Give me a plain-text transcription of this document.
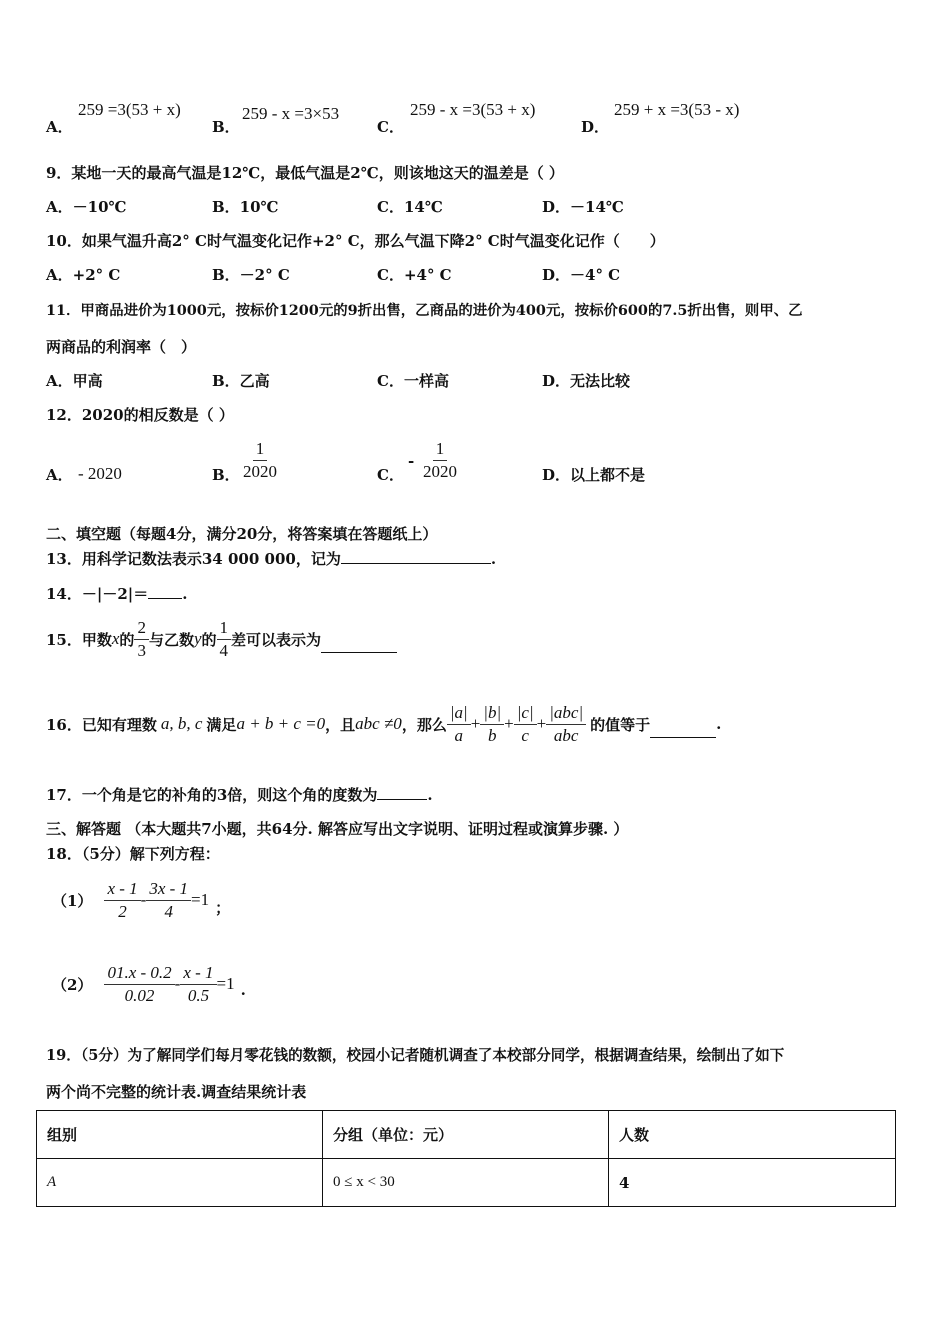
A．
259 =3(53 + x)
B．
259 - x =3×53
C．
259 - x =3(53 + x)
D．
259 + x =3(53 - x)
9．某地一天的最高气温是12℃，最低气温是2℃，则该地这天的温差是（ ）
A．－10℃	B．10℃	C．14℃	D．－14℃
10．如果气温升高2° C时气温变化记作+2° C，那么气温下降2° C时气温变化记作（　　）
A．+2° C	B．－2° C	C．+4° C	D．－4° C
11．甲商品进价为1000元，按标价1200元的9折出售，乙商品的进价为400元，按标价600的7.5折出售，则甲、乙
两商品的利润率（　）
A．甲高	B．乙高	C．一样高	D．无法比较
12．2020的相反数是（ ）
A． - 2020	B． $\frac{1}{2020}$	C．
- $\frac{1}{2020}$	D．以上都不是
二、填空题（每题4分，满分20分，将答案填在答题纸上）
13．用科学记数法表示34 000 000，记为	.
14．－|－2|＝ .
15．甲数 x 的 $\frac{2}{3}$ 与乙数 y 的 $\frac{1}{4}$ 差可以表示为
16．已知有理数 a, b, c 满足 a + b + c =0 ，且 abc ≠0 ，那么 $\frac{|a|}{a} + \frac{|b|}{b} + \frac{|c|}{c} + \frac{\text{|abc|}}{\text{abc}}$ 的值等于	.
17．一个角是它的补角的3倍，则这个角的度数为	.
三、解答题 （本大题共7小题，共64分. 解答应写出文字说明、证明过程或演算步骤. ）
18．（5分）解下列方程：
$(1) \frac{x - 1}{2} - \frac{3x - 1}{4} =1$ ；
$(2) \frac{01.x - 0.2}{0.02} - \frac{x - 1}{0.5} =1$ .
19．（5分）为了解同学们每月零花钱的数额，校园小记者随机调查了本校部分同学，根据调查结果，绘制出了如下
两个尚不完整的统计表.调查结果统计表
组别	分组（单位：元）	人数
A	0 ≤ x < 30	4
